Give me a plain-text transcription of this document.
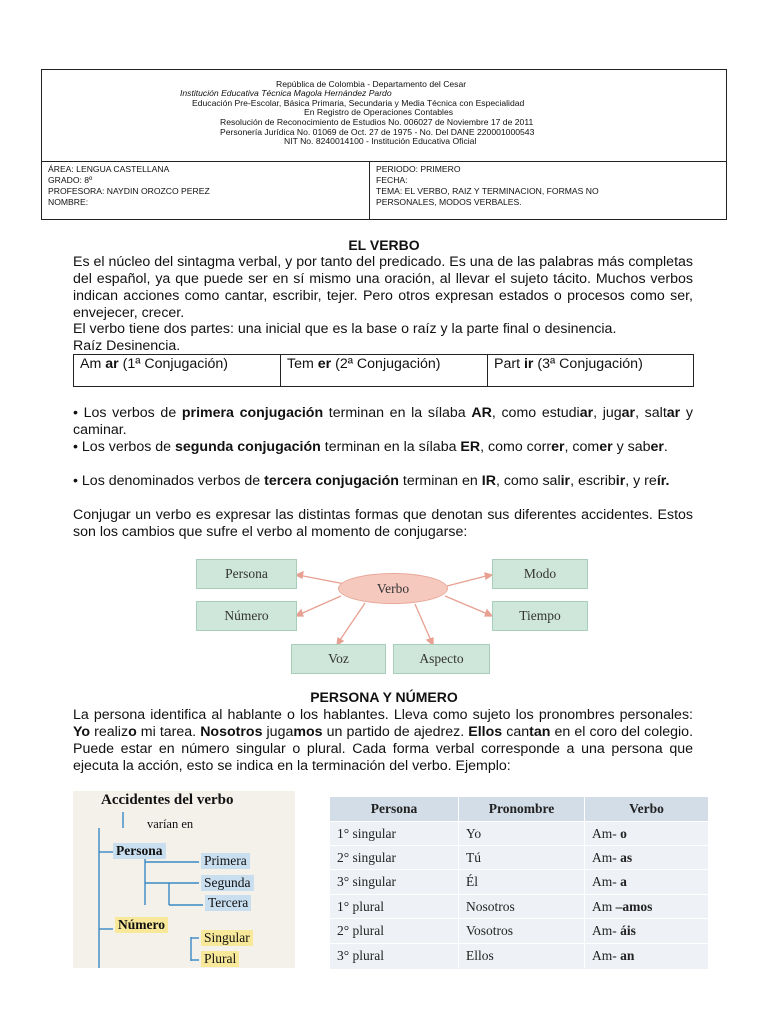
República de Colombia - Departamento del Cesar
Institución Educativa Técnica Magola Hernández Pardo
Educación Pre-Escolar, Básica Primaria, Secundaria y Media Técnica con Especialidad
En Registro de Operaciones Contables
Resolución de Reconocimiento de Estudios No. 006027 de Noviembre 17 de 2011
Personería Jurídica No. 01069 de Oct. 27 de 1975 - No. Del DANE 220001000543
NIT No. 8240014100 - Institución Educativa Oficial
ÁREA: LENGUA CASTELLANA
GRADO: 8º
PROFESORA: NAYDIN OROZCO PEREZ
NOMBRE:
PERIODO: PRIMERO
FECHA:
TEMA: EL VERBO, RAIZ Y TERMINACION, FORMAS NO
PERSONALES, MODOS VERBALES.
EL VERBO
Es el núcleo del sintagma verbal, y por tanto del predicado. Es una de las palabras más completas del español, ya que puede ser en sí mismo una oración, al llevar el sujeto tácito. Muchos verbos indican acciones como cantar, escribir, tejer. Pero otros expresan estados o procesos como ser, envejecer, crecer.
El verbo tiene dos partes: una inicial que es la base o raíz y la parte final o desinencia.
Raíz Desinencia.
Am ar (1ª Conjugación)	Tem er (2ª Conjugación)	Part ir (3ª Conjugación)
• Los verbos de primera conjugación terminan en la sílaba AR, como estudiar, jugar, saltar y caminar.
• Los verbos de segunda conjugación terminan en la sílaba ER, como correr, comer y saber.
• Los denominados verbos de tercera conjugación terminan en IR, como salir, escribir, y reír.
Conjugar un verbo es expresar las distintas formas que denotan sus diferentes accidentes. Estos son los cambios que sufre el verbo al momento de conjugarse:
Verbo
Persona
Número
Voz	Aspecto
Modo
Tiempo
PERSONA Y NÚMERO
La persona identifica al hablante o los hablantes. Lleva como sujeto los pronombres personales: Yo realizo mi tarea. Nosotros jugamos un partido de ajedrez. Ellos cantan en el coro del colegio. Puede estar en número singular o plural. Cada forma verbal corresponde a una persona que ejecuta la acción, esto se indica en la terminación del verbo. Ejemplo:
Accidentes del verbo
varían en
Persona
Primera
Segunda
Tercera
Número
Singular
Plural
Persona	Pronombre	Verbo
1° singular	Yo	Am- o
2° singular	Tú	Am- as
3° singular	Él	Am- a
1° plural	Nosotros	Am –amos
2° plural	Vosotros	Am- áis
3° plural	Ellos	Am- an
